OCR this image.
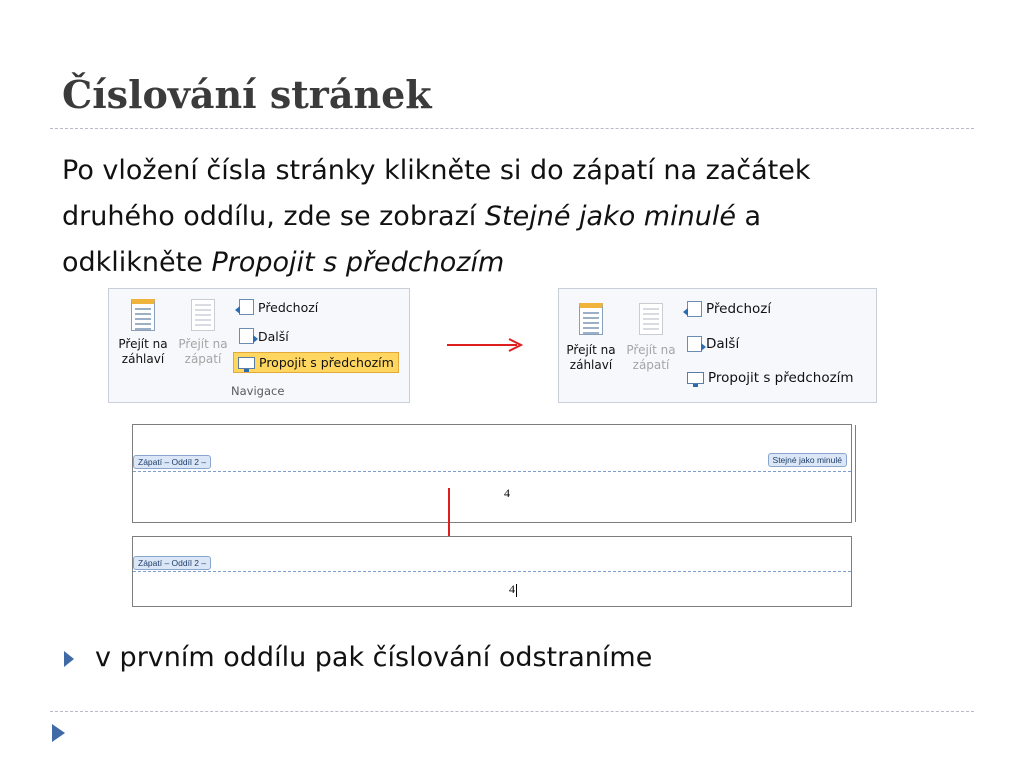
Číslování stránek
Po vložení čísla stránky klikněte si do zápatí na začátek
druhého oddílu, zde se zobrazí Stejné jako minulé a
odklikněte Propojit s předchozím
Přejít na
záhlaví
Přejít na
zápatí
Předchozí
Další
Propojit s předchozím
Navigace
Přejít na
záhlaví
Přejít na
zápatí
Předchozí
Další
Propojit s předchozím
Zápatí – Oddíl 2 –	Stejné jako minulé
4
Zápatí – Oddíl 2 –
4
v prvním oddílu pak číslování odstraníme
